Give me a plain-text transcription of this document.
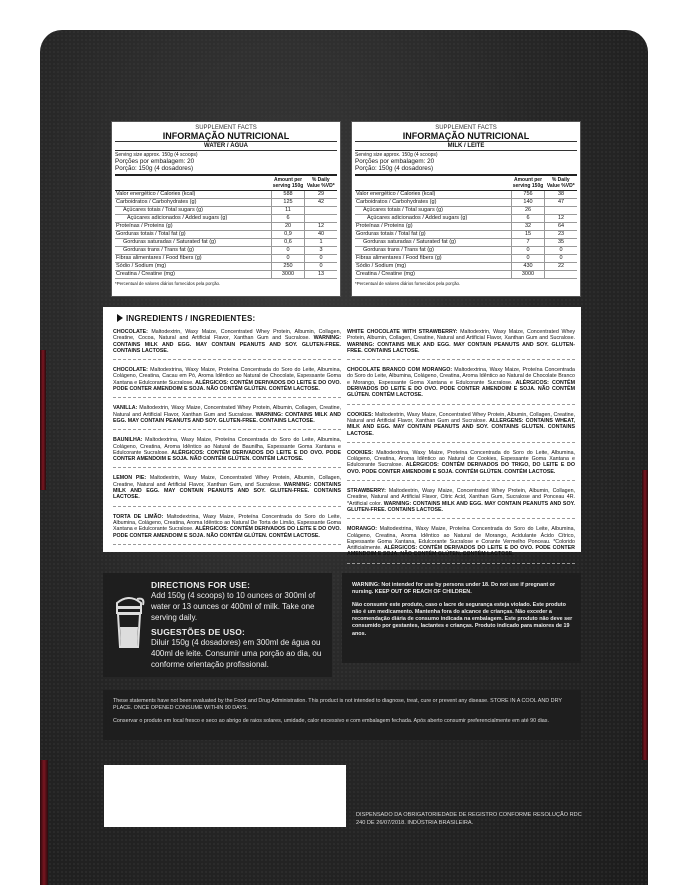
SUPPLEMENT FACTS
INFORMAÇÃO NUTRICIONAL
WATER / ÁGUA
Serving size approx. 150g (4 scoops)
Porções por embalagem: 20
Porção: 150g (4 dosadores)
	Amount per serving 150g	% Daily Value %VD*
Valor energético / Calories (kcal)	588	29
Carboidratos / Carbohydrates (g)	125	42
Açúcares totais / Total sugars (g)	11	
Açúcares adicionados / Added sugars (g)	6	
Proteínas / Proteins (g)	20	12
Gorduras totais / Total fat (g)	0,9	40
Gorduras saturadas / Saturated fat (g)	0,6	1
Gorduras trans / Trans fat (g)	0	3
Fibras alimentares / Food fibers (g)	0	0
Sódio / Sodium (mg)	250	0
Creatina / Creatine (mg)	3000	13
*Percentual de valores diários fornecidos pela porção.
SUPPLEMENT FACTS
INFORMAÇÃO NUTRICIONAL
MILK / LEITE
Serving size approx. 150g (4 scoops)
Porções por embalagem: 20
Porção: 150g (4 dosadores)
	Amount per serving 150g	% Daily Value %VD*
Valor energético / Calories (kcal)	756	38
Carboidratos / Carbohydrates (g)	140	47
Açúcares totais / Total sugars (g)	26	
Açúcares adicionados / Added sugars (g)	6	12
Proteínas / Proteins (g)	32	64
Gorduras totais / Total fat (g)	15	23
Gorduras saturadas / Saturated fat (g)	7	35
Gorduras trans / Trans fat (g)	0	0
Fibras alimentares / Food fibers (g)	0	0
Sódio / Sodium (mg)	430	22
Creatina / Creatine (mg)	3000	
*Percentual de valores diários fornecidos pela porção.
INGREDIENTS / INGREDIENTES:
CHOCOLATE: Maltodextrin, Waxy Maize, Concentrated Whey Protein, Albumin, Collagen, Creatine, Cocoa, Natural and Artificial Flavor, Xanthan Gum and Sucralose. WARNING: CONTAINS MILK AND EGG. MAY CONTAIN PEANUTS AND SOY. GLUTEN-FREE. CONTAINS LACTOSE.
CHOCOLATE: Maltodextrina, Waxy Maize, Proteína Concentrada do Soro do Leite, Albumina, Colágeno, Creatina, Cacau em Pó, Aroma Idêntico ao Natural de Chocolate, Espessante Goma Xantana e Edulcorante Sucralose. ALÉRGICOS: CONTÉM DERIVADOS DO LEITE E DO OVO. PODE CONTER AMENDOIM E SOJA. NÃO CONTÉM GLÚTEN. CONTÉM LACTOSE.
VANILLA: Maltodextrin, Waxy Maize, Concentrated Whey Protein, Albumin, Collagen, Creatine, Natural and Artificial Flavor, Xanthan Gum and Sucralose. WARNING: CONTAINS MILK AND EGG. MAY CONTAIN PEANUTS AND SOY. GLUTEN-FREE. CONTAINS LACTOSE.
BAUNILHA: Maltodextrina, Waxy Maize, Proteína Concentrada do Soro do Leite, Albumina, Colágeno, Creatina, Aroma Idêntico ao Natural de Baunilha, Espessante Goma Xantana e Edulcorante Sucralose. ALÉRGICOS: CONTÉM DERIVADOS DO LEITE E DO OVO. PODE CONTER AMENDOIM E SOJA. NÃO CONTÉM GLÚTEN. CONTÉM LACTOSE.
LEMON PIE: Maltodextrin, Waxy Maize, Concentrated Whey Protein, Albumin, Collagen, Creatine, Natural and Artificial Flavor, Xanthan Gum, and Sucralose. WARNING: CONTAINS MILK AND EGG. MAY CONTAIN PEANUTS AND SOY. GLUTEN-FREE. CONTAINS LACTOSE.
TORTA DE LIMÃO: Maltodextrina, Waxy Maize, Proteína Concentrada do Soro do Leite, Albumina, Colágeno, Creatina, Aroma Idêntico ao Natural De Torta de Limão, Espessante Goma Xantana e Edulcorante Sucralose. ALÉRGICOS: CONTÉM DERIVADOS DO LEITE E DO OVO. PODE CONTER AMENDOIM E SOJA. NÃO CONTÉM GLÚTEN. CONTÉM LACTOSE.
WHITE CHOCOLATE WITH STRAWBERRY: Maltodextrin, Waxy Maize, Concentrated Whey Protein, Albumin, Collagen, Creatine, Natural and Artificial Flavor, Xanthan Gum and Sucralose. WARNING: CONTAINS MILK AND EGG. MAY CONTAIN PEANUTS AND SOY. GLUTEN-FREE. CONTAINS LACTOSE.
CHOCOLATE BRANCO COM MORANGO: Maltodextrina, Waxy Maize, Proteína Concentrada do Soro do Leite, Albumina, Colágeno, Creatina, Aroma Idêntico ao Natural de Chocolate Branco e Morango, Espessante Goma Xantana e Edulcorante Sucralose. ALÉRGICOS: CONTÉM DERIVADOS DO LEITE E DO OVO. PODE CONTER AMENDOIM E SOJA. NÃO CONTÉM GLÚTEN. CONTÉM LACTOSE.
COOKIES: Maltodextrin, Waxy Maize, Concentrated Whey Protein, Albumin, Collagen, Creatine, Natural and Artificial Flavor, Xanthan Gum and Sucralose. ALLERGENS: CONTAINS WHEAT, MILK AND EGG. MAY CONTAIN PEANUTS AND SOY. CONTAINS GLUTEN. CONTAINS LACTOSE.
COOKIES: Maltodextrina, Waxy Maize, Proteína Concentrada do Soro do Leite, Albumina, Colágeno, Creatina, Aroma Idêntico ao Natural de Cookies, Espessante Goma Xantana e Edulcorante Sucralose. ALÉRGICOS: CONTÉM DERIVADOS DO TRIGO, DO LEITE E DO OVO. PODE CONTER AMENDOIM E SOJA. CONTÉM GLÚTEN. CONTÉM LACTOSE.
STRAWBERRY: Maltodextrin, Waxy Maize, Concentrated Whey Protein, Albumin, Collagen, Creatine, Natural and Artificial Flavor, Citric Acid, Xanthan Gum, Sucralose and Ponceau 4R. *Artificial color. WARNING: CONTAINS MILK AND EGG. MAY CONTAIN PEANUTS AND SOY. GLUTEN-FREE. CONTAINS LACTOSE.
MORANGO: Maltodextrina, Waxy Maize, Proteína Concentrada do Soro do Leite, Albumina, Colágeno, Creatina, Aroma Idêntico ao Natural de Morango, Acidulante Ácido Cítrico, Espessante Goma Xantana, Edulcorante Sucralose e Corante Vermelho Ponceau. *Colorido Artificialmente. ALÉRGICOS: CONTÉM DERIVADOS DO LEITE E DO OVO. PODE CONTER AMENDOIM E SOJA. NÃO CONTÉM GLÚTEN. CONTÉM LACTOSE.
DIRECTIONS FOR USE:
Add 150g (4 scoops) to 10 ounces or 300ml of water or 13 ounces or 400ml of milk. Take one serving daily.
SUGESTÕES DE USO:
Diluir 150g (4 dosadores) em 300ml de água ou 400ml de leite. Consumir uma porção ao dia, ou conforme orientação profissional.
WARNING: Not intended for use by persons under 18. Do not use if pregnant or nursing. KEEP OUT OF REACH OF CHILDREN.
Não consumir este produto, caso o lacre de segurança esteja violado. Este produto não é um medicamento. Mantenha fora do alcance de crianças. Não exceder a recomendação diária de consumo indicada na embalagem. Este produto não deve ser consumido por gestantes, lactantes e crianças. Produto indicado para maiores de 19 anos.
These statements have not been evaluated by the Food and Drug Administration. This product is not intended to diagnose, treat, cure or prevent any disease. STORE IN A COOL AND DRY PLACE. ONCE OPENED CONSUME WITHIN 90 DAYS.
Conservar o produto em local fresco e seco ao abrigo de raios solares, umidade, calor excessivo e com embalagem fechada. Após aberto consumir preferencialmente em até 90 dias.
DISPENSADO DA OBRIGATORIEDADE DE REGISTRO CONFORME RESOLUÇÃO RDC 240 DE 26/07/2018. INDÚSTRIA BRASILEIRA.
